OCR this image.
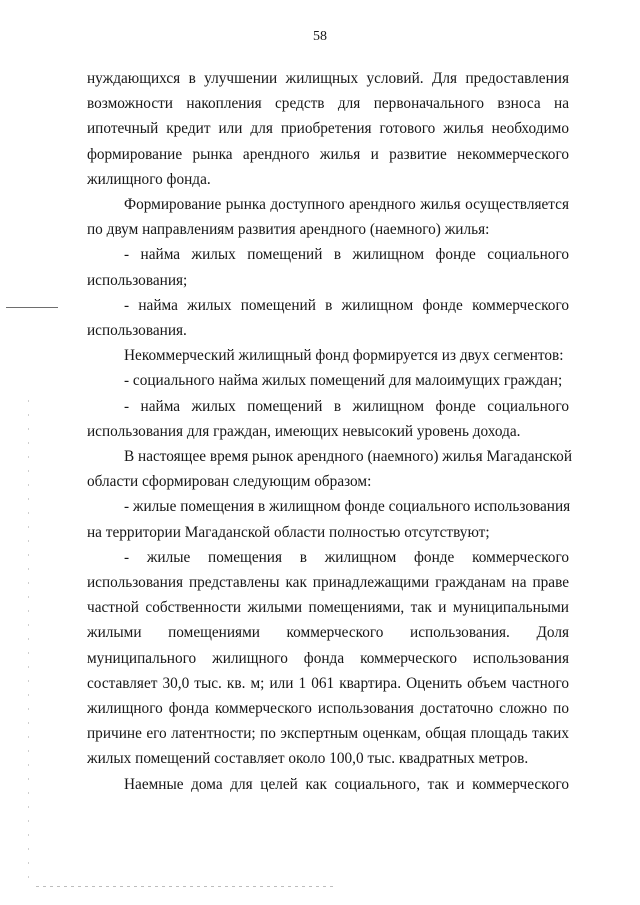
58
нуждающихся в улучшении жилищных условий. Для предоставления
возможности накопления средств для первоначального взноса на
ипотечный кредит или для приобретения готового жилья необходимо
формирование рынка арендного жилья и развитие некоммерческого
жилищного фонда.
Формирование рынка доступного арендного жилья осуществляется
по двум направлениям развития арендного (наемного) жилья:
- найма жилых помещений в жилищном фонде социального
использования;
- найма жилых помещений в жилищном фонде коммерческого
использования.
Некоммерческий жилищный фонд формируется из двух сегментов:
- социального найма жилых помещений для малоимущих граждан;
- найма жилых помещений в жилищном фонде социального
использования для граждан, имеющих невысокий уровень дохода.
В настоящее время рынок арендного (наемного) жилья Магаданской
области сформирован следующим образом:
- жилые помещения в жилищном фонде социального использования
на территории Магаданской области полностью отсутствуют;
- жилые помещения в жилищном фонде коммерческого
использования представлены как принадлежащими гражданам на праве
частной собственности жилыми помещениями, так и муниципальными
жилыми помещениями коммерческого использования. Доля
муниципального жилищного фонда коммерческого использования
составляет 30,0 тыс. кв. м; или 1 061 квартира. Оценить объем частного
жилищного фонда коммерческого использования достаточно сложно по
причине его латентности; по экспертным оценкам, общая площадь таких
жилых помещений составляет около 100,0 тыс. квадратных метров.
Наемные дома для целей как социального, так и коммерческого
